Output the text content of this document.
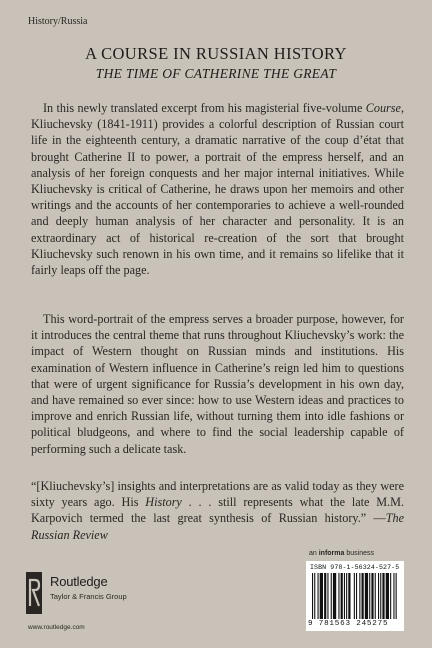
History/Russia
A COURSE IN RUSSIAN HISTORY
THE TIME OF CATHERINE THE GREAT

In this newly translated excerpt from his magisterial five-volume Course, Kliuchevsky (1841-1911) provides a colorful description of Russian court life in the eighteenth century, a dramatic narrative of the coup d’état that brought Catherine II to power, a portrait of the empress herself, and an analysis of her foreign conquests and her major internal initiatives. While Kliuchevsky is critical of Catherine, he draws upon her memoirs and other writings and the accounts of her contemporaries to achieve a well-rounded and deeply human analysis of her character and personality. It is an extraordinary act of historical re-creation of the sort that brought Kliuchevsky such renown in his own time, and it remains so lifelike that it fairly leaps off the page.

This word-portrait of the empress serves a broader purpose, however, for it introduces the central theme that runs throughout Kliuchevsky’s work: the impact of Western thought on Russian minds and institutions. His examination of Western influence in Catherine’s reign led him to questions that were of urgent significance for Russia’s development in his own day, and have remained so ever since: how to use Western ideas and practices to improve and enrich Russian life, without turning them into idle fashions or political bludgeons, and where to find the social leadership capable of performing such a delicate task.

“[Kliuchevsky’s] insights and interpretations are as valid today as they were sixty years ago. His History . . . still represents what the late M.M. Karpovich termed the last great synthesis of Russian history.” —The Russian Review

an informa business
Routledge
Taylor & Francis Group
www.routledge.com
ISBN 978-1-56324-527-5
9 781563 245275
